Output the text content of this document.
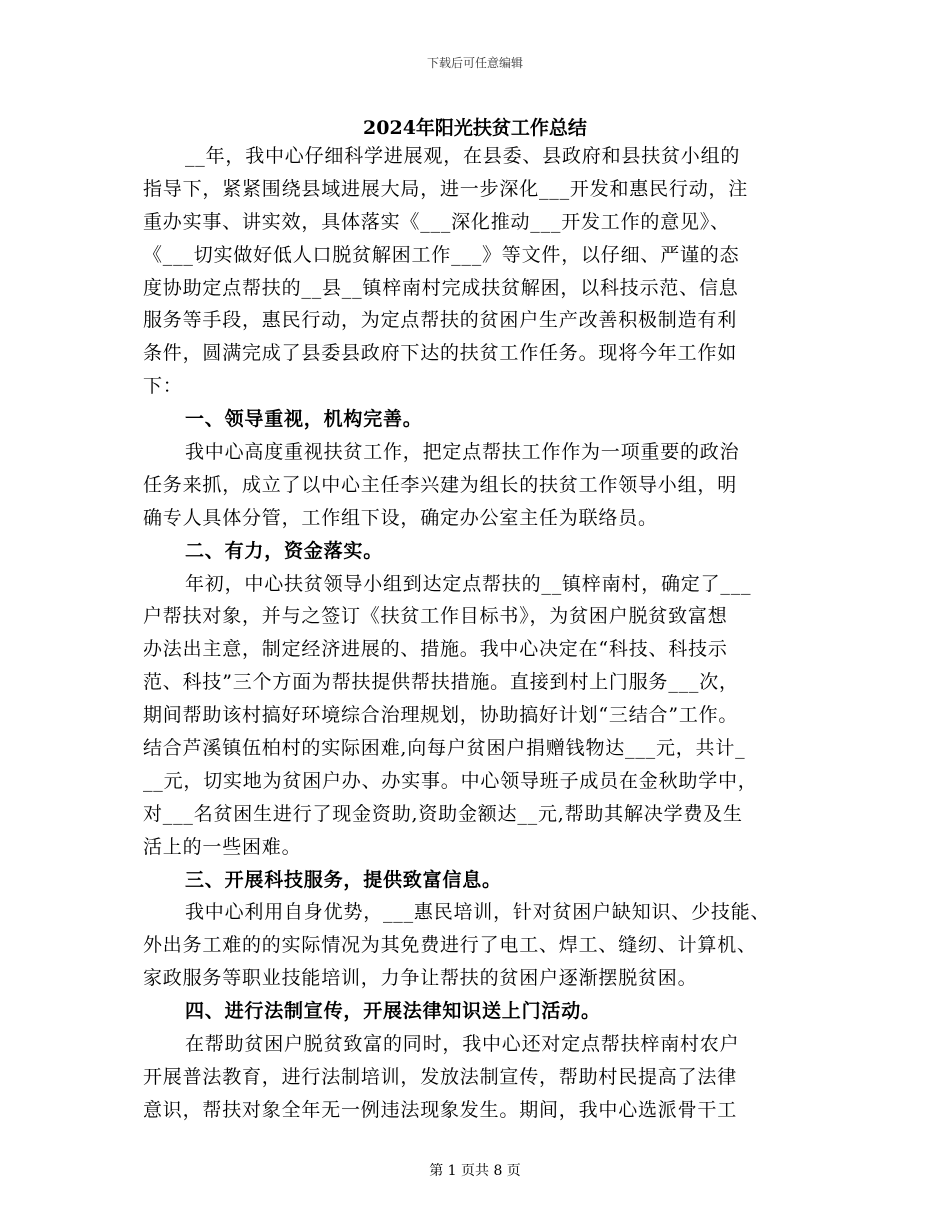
下载后可任意编辑
2024年阳光扶贫工作总结
__年，我中心仔细科学进展观，在县委、县政府和县扶贫小组的
指导下，紧紧围绕县域进展大局，进一步深化___开发和惠民行动，注
重办实事、讲实效，具体落实《___深化推动___开发工作的意见》、
《___切实做好低人口脱贫解困工作___》等文件，以仔细、严谨的态
度协助定点帮扶的__县__镇梓南村完成扶贫解困，以科技示范、信息
服务等手段，惠民行动，为定点帮扶的贫困户生产改善积极制造有利
条件，圆满完成了县委县政府下达的扶贫工作任务。现将今年工作如
下：
一、领导重视，机构完善。
我中心高度重视扶贫工作，把定点帮扶工作作为一项重要的政治
任务来抓，成立了以中心主任李兴建为组长的扶贫工作领导小组，明
确专人具体分管，工作组下设，确定办公室主任为联络员。
二、有力，资金落实。
年初，中心扶贫领导小组到达定点帮扶的__镇梓南村，确定了___
户帮扶对象，并与之签订《扶贫工作目标书》，为贫困户脱贫致富想
办法出主意，制定经济进展的、措施。我中心决定在“科技、科技示
范、科技”三个方面为帮扶提供帮扶措施。直接到村上门服务___次，
期间帮助该村搞好环境综合治理规划，协助搞好计划“三结合”工作。
结合芦溪镇伍柏村的实际困难,向每户贫困户捐赠钱物达___元，共计_
__元，切实地为贫困户办、办实事。中心领导班子成员在金秋助学中，
对___名贫困生进行了现金资助,资助金额达__元,帮助其解决学费及生
活上的一些困难。
三、开展科技服务，提供致富信息。
我中心利用自身优势，___惠民培训，针对贫困户缺知识、少技能、
外出务工难的的实际情况为其免费进行了电工、焊工、缝纫、计算机、
家政服务等职业技能培训，力争让帮扶的贫困户逐渐摆脱贫困。
四、进行法制宣传，开展法律知识送上门活动。
在帮助贫困户脱贫致富的同时，我中心还对定点帮扶梓南村农户
开展普法教育，进行法制培训，发放法制宣传，帮助村民提高了法律
意识，帮扶对象全年无一例违法现象发生。期间，我中心选派骨干工
第 1 页共 8 页
